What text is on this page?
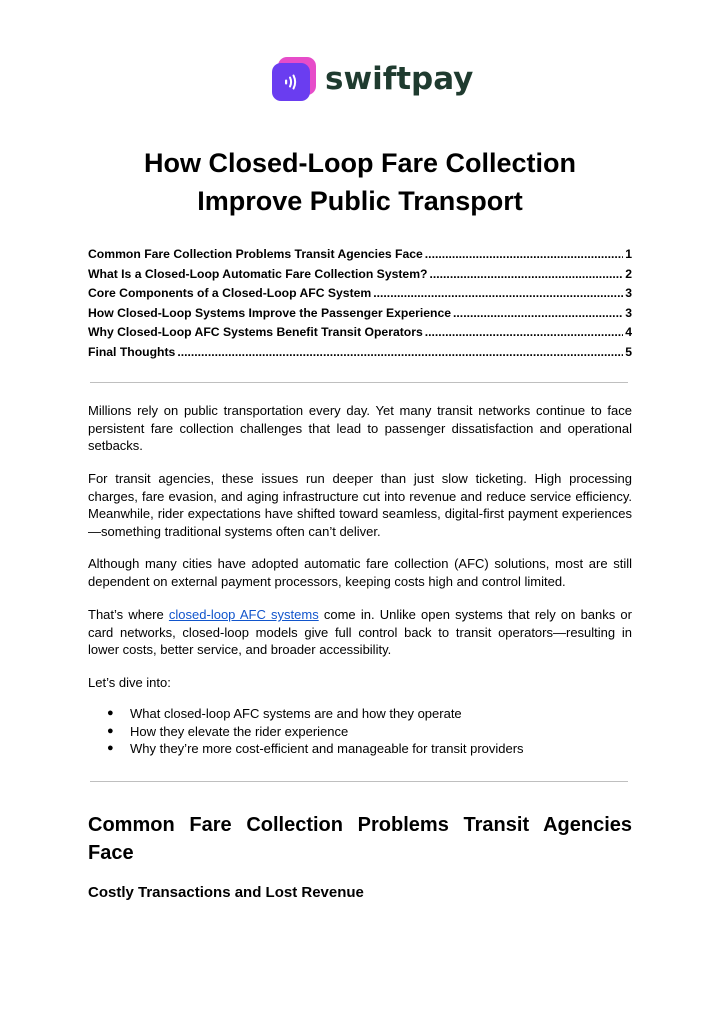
swiftpay
How Closed-Loop Fare Collection
Improve Public Transport
Common Fare Collection Problems Transit Agencies Face .....	1
What Is a Closed-Loop Automatic Fare Collection System? .....	2
Core Components of a Closed-Loop AFC System .....	3
How Closed-Loop Systems Improve the Passenger Experience .....	3
Why Closed-Loop AFC Systems Benefit Transit Operators .....	4
Final Thoughts .....	5

Millions rely on public transportation every day. Yet many transit networks continue to face persistent fare collection challenges that lead to passenger dissatisfaction and operational setbacks.

For transit agencies, these issues run deeper than just slow ticketing. High processing charges, fare evasion, and aging infrastructure cut into revenue and reduce service efficiency. Meanwhile, rider expectations have shifted toward seamless, digital-first payment experiences—something traditional systems often can’t deliver.

Although many cities have adopted automatic fare collection (AFC) solutions, most are still dependent on external payment processors, keeping costs high and control limited.

That’s where closed-loop AFC systems come in. Unlike open systems that rely on banks or card networks, closed-loop models give full control back to transit operators—resulting in lower costs, better service, and broader accessibility.

Let’s dive into:

● What closed-loop AFC systems are and how they operate
● How they elevate the rider experience
● Why they’re more cost-efficient and manageable for transit providers
Common Fare Collection Problems Transit Agencies Face
Costly Transactions and Lost Revenue
